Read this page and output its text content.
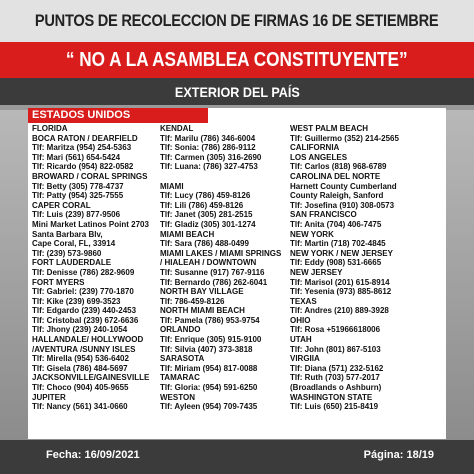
PUNTOS DE RECOLECCION DE FIRMAS 16 DE SETIEMBRE
“ NO A LA ASAMBLEA CONSTITUYENTE”
EXTERIOR DEL PAÍS
ESTADOS UNIDOS
FLORIDA
BOCA RATON / DEARFIELD
Tlf: Maritza (954) 254-5363
Tlf: Mari (561) 654-5424
Tlf: Ricardo (954) 822-0582
BROWARD / CORAL SPRINGS
Tlf: Betty (305) 778-4737
Tlf: Patty (954) 325-7555
CAPER CORAL
Tlf: Luis (239) 877-9506
Mini Market Latinos Point 2703
Santa Barbara Blv,
Cape Coral, FL, 33914
Tlf: (239) 573-9860
FORT LAUDERDALE
Tlf: Denisse (786) 282-9609
FORT MYERS
Tlf: Gabriel: (239) 770-1870
Tlf: Kike (239) 699-3523
Tlf: Edgardo (239) 440-2453
Tlf: Cristobal (239) 672-6636
Tlf: Jhony (239) 240-1054
HALLANDALE/ HOLLYWOOD
/AVENTURA /SUNNY ISLES
Tlf: Mirella (954) 536-6402
Tlf: Gisela (786) 484-5697
JACKSONVILLE/GAINESVILLE
Tlf: Choco (904) 405-9655
JUPITER
Tlf: Nancy (561) 341-0660
KENDAL
Tlf: Marilu (786) 346-6004
Tlf: Sonia: (786) 286-9112
Tlf: Carmen (305) 316-2690
Tlf: Luana: (786) 327-4753

MIAMI
Tlf: Lucy (786) 459-8126
Tlf: Lili (786) 459-8126
Tlf: Janet (305) 281-2515
Tlf: Gladiz (305) 301-1274
MIAMI BEACH
Tlf: Sara (786) 488-0499
MIAMI LAKES / MIAMI SPRINGS
/ HIALEAH / DOWNTOWN
Tlf: Susanne (917) 767-9116
Tlf: Bernardo (786) 262-6041
NORTH BAY VILLAGE
Tlf: 786-459-8126
NORTH MIAMI BEACH
Tlf: Pamela (786) 953-9754
ORLANDO
Tlf: Enrique (305) 915-9100
Tlf: Silvia (407) 373-3818
SARASOTA
Tlf: Miriam (954) 817-0088
TAMARAC
Tlf: Gloria: (954) 591-6250
WESTON
Tlf: Ayleen (954) 709-7435
WEST PALM BEACH
Tlf: Guillermo (352) 214-2565
CALIFORNIA
LOS ANGELES
Tlf: Carlos (818) 968-6789
CAROLINA DEL NORTE
Harnett County Cumberland
County Raleigh, Sanford
Tlf: Josefina (910) 308-0573
SAN FRANCISCO
Tlf: Anita (704) 406-7475
NEW YORK
Tlf: Martin (718) 702-4845
NEW YORK / NEW JERSEY
Tlf: Eddy (908) 531-6665
NEW JERSEY
Tlf: Marisol (201) 615-8914
Tlf: Yesenia (973) 885-8612
TEXAS
Tlf: Andres (210) 889-3928
OHIO
Tlf: Rosa +51966618006
UTAH
Tlf: John (801) 867-5103
VIRGIIA
Tlf: Diana (571) 232-5162
Tlf: Ruth (703) 577-2017
(Broadlands o Ashburn)
WASHINGTON STATE
Tlf: Luis (650) 215-8419
Fecha: 16/09/2021	Página: 18/19
